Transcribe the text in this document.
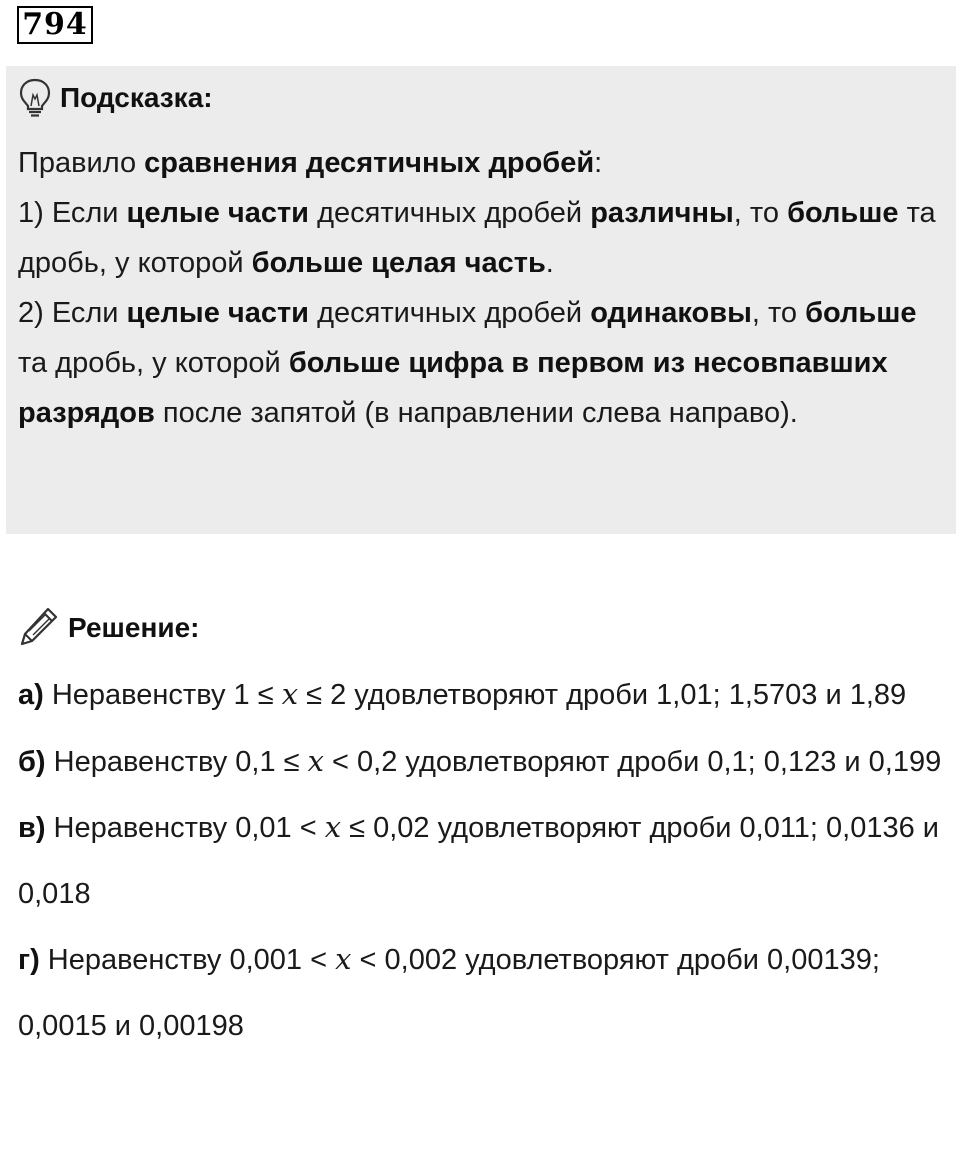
794
Подсказка:

Правило сравнения десятичных дробей:

1) Если целые части десятичных дробей различны, то больше та дробь, у которой больше целая часть.

2) Если целые части десятичных дробей одинаковы, то больше та дробь, у которой больше цифра в первом из несовпавших разрядов после запятой (в направлении слева направо).

Решение:

а) Неравенству 1 ≤ 𝑥 ≤ 2 удовлетворяют дроби 1,01; 1,5703 и 1,89

б) Неравенству 0,1 ≤ 𝑥 < 0,2 удовлетворяют дроби 0,1; 0,123 и 0,199

в) Неравенству 0,01 < 𝑥 ≤ 0,02 удовлетворяют дроби 0,011; 0,0136 и 0,018

г) Неравенству 0,001 < 𝑥 < 0,002 удовлетворяют дроби 0,00139; 0,0015 и 0,00198
